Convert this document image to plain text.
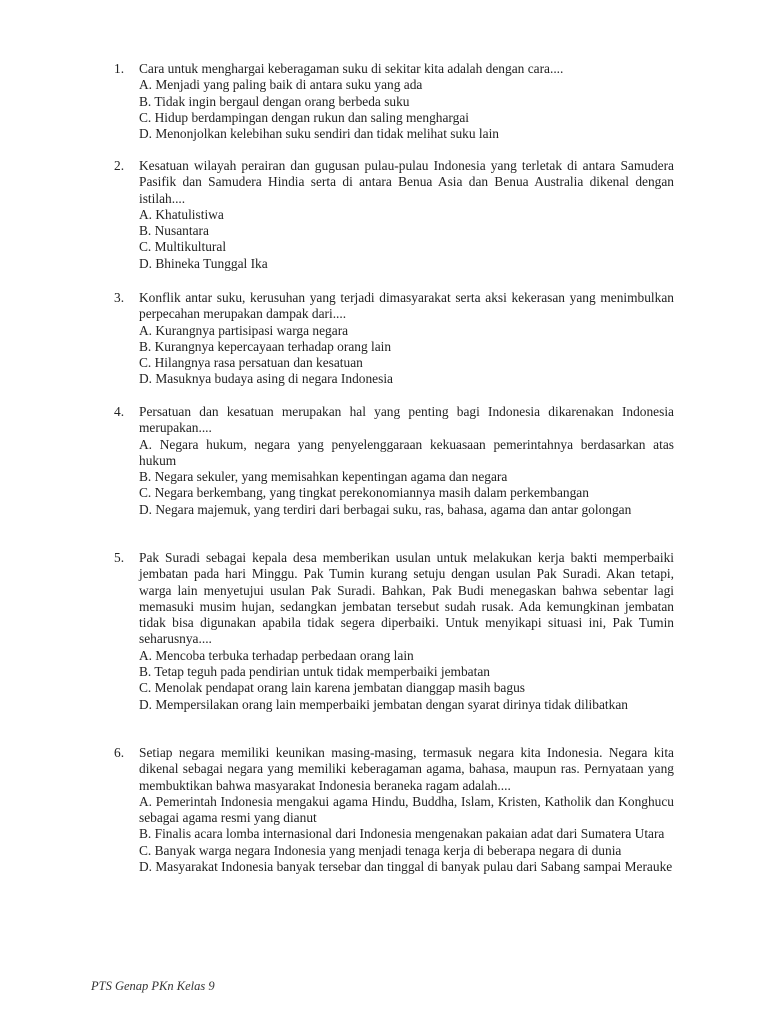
1. Cara untuk menghargai keberagaman suku di sekitar kita adalah dengan cara....

A. Menjadi yang paling baik di antara suku yang ada

B. Tidak ingin bergaul dengan orang berbeda suku

C. Hidup berdampingan dengan rukun dan saling menghargai

D. Menonjolkan kelebihan suku sendiri dan tidak melihat suku lain

2. Kesatuan wilayah perairan dan gugusan pulau-pulau Indonesia yang terletak di antara Samudera Pasifik dan Samudera Hindia serta di antara Benua Asia dan Benua Australia dikenal dengan istilah....

A. Khatulistiwa

B. Nusantara

C. Multikultural

D. Bhineka Tunggal Ika

3. Konflik antar suku, kerusuhan yang terjadi dimasyarakat serta aksi kekerasan yang menimbulkan perpecahan merupakan dampak dari....

A. Kurangnya partisipasi warga negara

B. Kurangnya kepercayaan terhadap orang lain

C. Hilangnya rasa persatuan dan kesatuan

D. Masuknya budaya asing di negara Indonesia

4. Persatuan dan kesatuan merupakan hal yang penting bagi Indonesia dikarenakan Indonesia merupakan....

A. Negara hukum, negara yang penyelenggaraan kekuasaan pemerintahnya berdasarkan atas hukum

B. Negara sekuler, yang memisahkan kepentingan agama dan negara

C. Negara berkembang, yang tingkat perekonomiannya masih dalam perkembangan

D. Negara majemuk, yang terdiri dari berbagai suku, ras, bahasa, agama dan antar golongan

5. Pak Suradi sebagai kepala desa memberikan usulan untuk melakukan kerja bakti memperbaiki jembatan pada hari Minggu. Pak Tumin kurang setuju dengan usulan Pak Suradi. Akan tetapi, warga lain menyetujui usulan Pak Suradi. Bahkan, Pak Budi menegaskan bahwa sebentar lagi memasuki musim hujan, sedangkan jembatan tersebut sudah rusak. Ada kemungkinan jembatan tidak bisa digunakan apabila tidak segera diperbaiki. Untuk menyikapi situasi ini, Pak Tumin seharusnya....

A. Mencoba terbuka terhadap perbedaan orang lain

B. Tetap teguh pada pendirian untuk tidak memperbaiki jembatan

C. Menolak pendapat orang lain karena jembatan dianggap masih bagus

D. Mempersilakan orang lain memperbaiki jembatan dengan syarat dirinya tidak dilibatkan

6. Setiap negara memiliki keunikan masing-masing, termasuk negara kita Indonesia. Negara kita dikenal sebagai negara yang memiliki keberagaman agama, bahasa, maupun ras. Pernyataan yang membuktikan bahwa masyarakat Indonesia beraneka ragam adalah....

A. Pemerintah Indonesia mengakui agama Hindu, Buddha, Islam, Kristen, Katholik dan Konghucu sebagai agama resmi yang dianut

B. Finalis acara lomba internasional dari Indonesia mengenakan pakaian adat dari Sumatera Utara

C. Banyak warga negara Indonesia yang menjadi tenaga kerja di beberapa negara di dunia

D. Masyarakat Indonesia banyak tersebar dan tinggal di banyak pulau dari Sabang sampai Merauke

PTS Genap PKn Kelas 9
